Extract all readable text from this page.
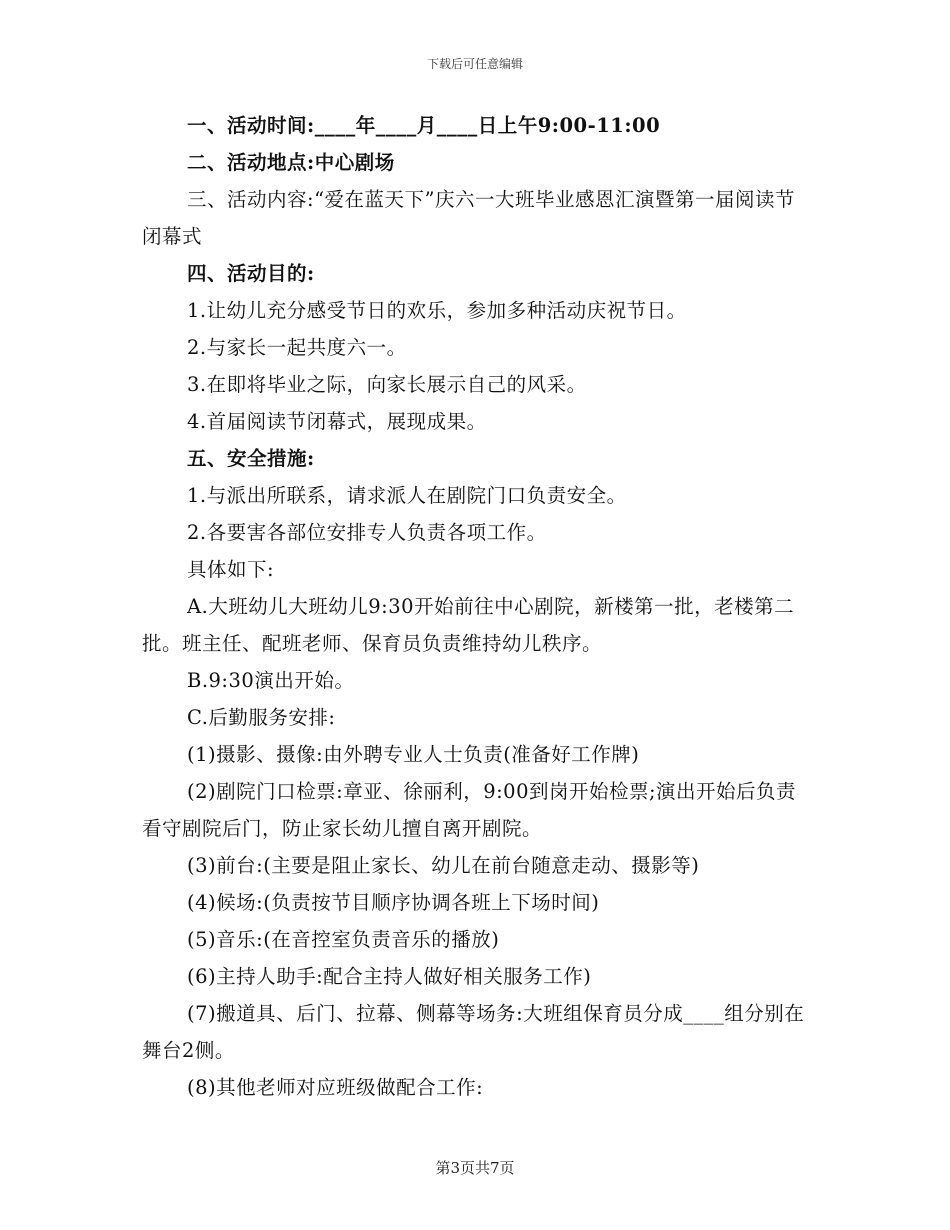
下载后可任意编辑

一、活动时间:____年____月____日上午9:00-11:00

二、活动地点:中心剧场

三、活动内容:“爱在蓝天下”庆六一大班毕业感恩汇演暨第一届阅读节闭幕式

四、活动目的:

1.让幼儿充分感受节日的欢乐，参加多种活动庆祝节日。

2.与家长一起共度六一。

3.在即将毕业之际，向家长展示自己的风采。

4.首届阅读节闭幕式，展现成果。

五、安全措施:

1.与派出所联系，请求派人在剧院门口负责安全。

2.各要害各部位安排专人负责各项工作。

具体如下:

A.大班幼儿大班幼儿9:30开始前往中心剧院，新楼第一批，老楼第二批。班主任、配班老师、保育员负责维持幼儿秩序。

B.9:30演出开始。

C.后勤服务安排:

(1)摄影、摄像:由外聘专业人士负责(准备好工作牌)

(2)剧院门口检票:章亚、徐丽利，9:00到岗开始检票;演出开始后负责看守剧院后门，防止家长幼儿擅自离开剧院。

(3)前台:(主要是阻止家长、幼儿在前台随意走动、摄影等)

(4)候场:(负责按节目顺序协调各班上下场时间)

(5)音乐:(在音控室负责音乐的播放)

(6)主持人助手:配合主持人做好相关服务工作)

(7)搬道具、后门、拉幕、侧幕等场务:大班组保育员分成____组分别在舞台2侧。

(8)其他老师对应班级做配合工作:

第3页共7页
